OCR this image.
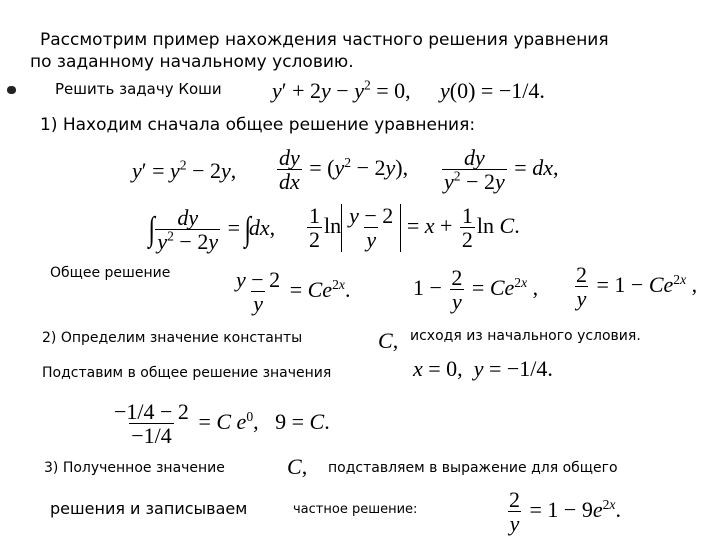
Рассмотрим пример нахождения частного решения уравнения
по заданному начальному условию.
Решить задачу Коши $y' + 2y - y^2 = 0$, y(0) = −1/4.
1) Находим сначала общее решение уравнения:
$y' = y^2 - 2y$, $\frac{dy}{dx} = (y^2 - 2y)$, $\frac{dy}{y^2 - 2y}$ = dx,
∫ $\frac{dy}{y^2 - 2y} = \int dx$, $\frac{1}{2}$ $\ln \frac{y - 2}{y} = x + \frac{1}{2}$ ln C.
Общее решение	$\frac{y - 2}{y} = Ce^{2x}$.	$1 - \frac{2}{y} = Ce^{2x}$ , $\frac{2}{y} = 1 - Ce^{2x}$ ,
2) Определим значение константы	C, исходя из начального условия.
Подставим в общее решение значения	x = 0,  y = −1/4.
$\frac{-1/4 - 2}{-1/4} = C$ $e^0$,   9 = C.
3) Полученное значение	C, подставляем в выражение для общего
решения и записываем	частное решение:	$\frac{2}{y} = 1 - 9e^{2x}$.
